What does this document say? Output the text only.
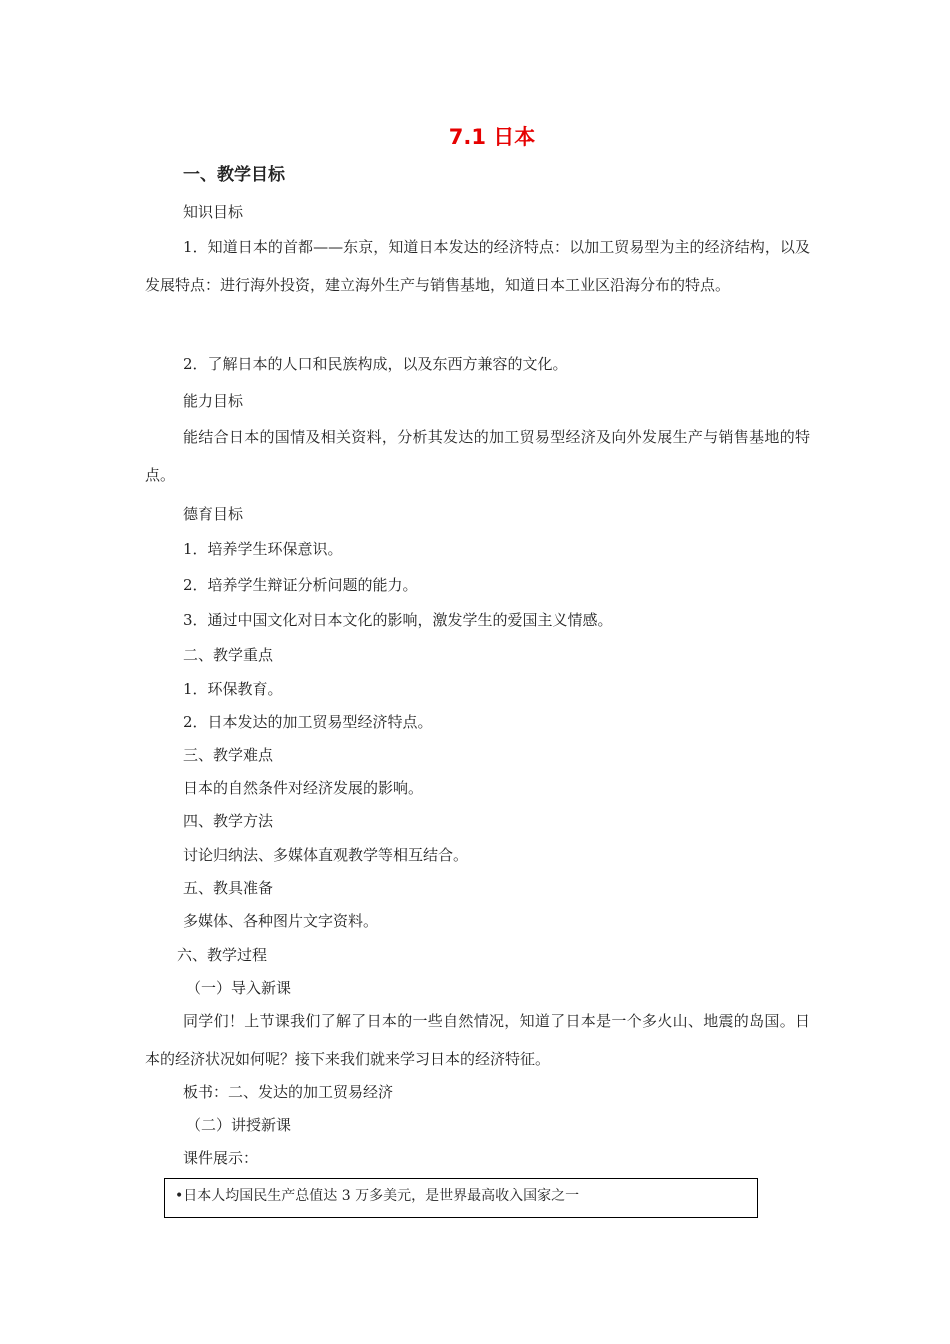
7.1 日本
一、教学目标
知识目标
1．知道日本的首都——东京，知道日本发达的经济特点：以加工贸易型为主的经济结构，以及发展特点：进行海外投资，建立海外生产与销售基地，知道日本工业区沿海分布的特点。
2．了解日本的人口和民族构成，以及东西方兼容的文化。
能力目标
能结合日本的国情及相关资料，分析其发达的加工贸易型经济及向外发展生产与销售基地的特点。
德育目标
1．培养学生环保意识。
2．培养学生辩证分析问题的能力。
3．通过中国文化对日本文化的影响，激发学生的爱国主义情感。
二、教学重点
1．环保教育。
2．日本发达的加工贸易型经济特点。
三、教学难点
日本的自然条件对经济发展的影响。
四、教学方法
讨论归纳法、多媒体直观教学等相互结合。
五、教具准备
多媒体、各种图片文字资料。
六、教学过程
（一）导入新课
同学们！上节课我们了解了日本的一些自然情况，知道了日本是一个多火山、地震的岛国。日本的经济状况如何呢？接下来我们就来学习日本的经济特征。
板书：二、发达的加工贸易经济
（二）讲授新课
课件展示：
•日本人均国民生产总值达 3 万多美元，是世界最高收入国家之一
